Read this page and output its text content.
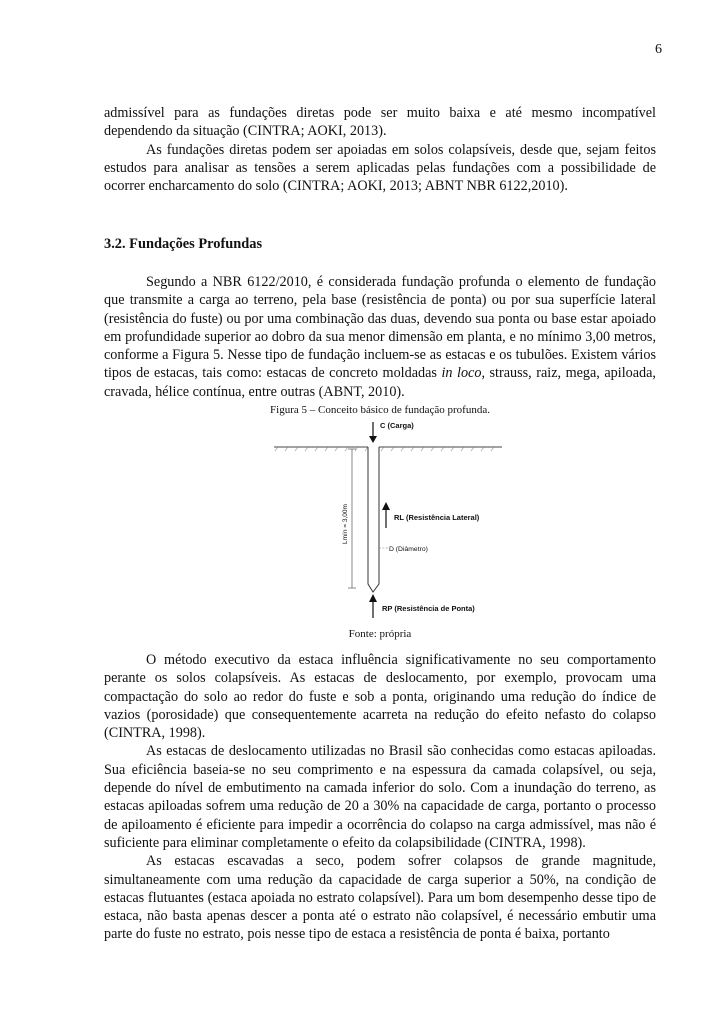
6

admissível para as fundações diretas pode ser muito baixa e até mesmo incompatível dependendo da situação (CINTRA; AOKI, 2013).

As fundações diretas podem ser apoiadas em solos colapsíveis, desde que, sejam feitos estudos para analisar as tensões a serem aplicadas pelas fundações com a possibilidade de ocorrer encharcamento do solo (CINTRA; AOKI, 2013; ABNT NBR 6122,2010).

3.2. Fundações Profundas

Segundo a NBR 6122/2010, é considerada fundação profunda o elemento de fundação que transmite a carga ao terreno, pela base (resistência de ponta) ou por sua superfície lateral (resistência do fuste) ou por uma combinação das duas, devendo sua ponta ou base estar apoiado em profundidade superior ao dobro da sua menor dimensão em planta, e no mínimo 3,00 metros, conforme a Figura 5. Nesse tipo de fundação incluem-se as estacas e os tubulões. Existem vários tipos de estacas, tais como: estacas de concreto moldadas in loco, strauss, raiz, mega, apiloada, cravada, hélice contínua, entre outras (ABNT, 2010).

Figura 5 – Conceito básico de fundação profunda.
C (Carga)
Lmín = 3,00m	RL (Resistência Lateral)
D (Diâmetro)
RP (Resistência de Ponta)
Fonte: própria

O método executivo da estaca influência significativamente no seu comportamento perante os solos colapsíveis. As estacas de deslocamento, por exemplo, provocam uma compactação do solo ao redor do fuste e sob a ponta, originando uma redução do índice de vazios (porosidade) que consequentemente acarreta na redução do efeito nefasto do colapso (CINTRA, 1998).

As estacas de deslocamento utilizadas no Brasil são conhecidas como estacas apiloadas. Sua eficiência baseia-se no seu comprimento e na espessura da camada colapsível, ou seja, depende do nível de embutimento na camada inferior do solo. Com a inundação do terreno, as estacas apiloadas sofrem uma redução de 20 a 30% na capacidade de carga, portanto o processo de apiloamento é eficiente para impedir a ocorrência do colapso na carga admissível, mas não é suficiente para eliminar completamente o efeito da colapsibilidade (CINTRA, 1998).

As estacas escavadas a seco, podem sofrer colapsos de grande magnitude, simultaneamente com uma redução da capacidade de carga superior a 50%, na condição de estacas flutuantes (estaca apoiada no estrato colapsível). Para um bom desempenho desse tipo de estaca, não basta apenas descer a ponta até o estrato não colapsível, é necessário embutir uma parte do fuste no estrato, pois nesse tipo de estaca a resistência de ponta é baixa, portanto
